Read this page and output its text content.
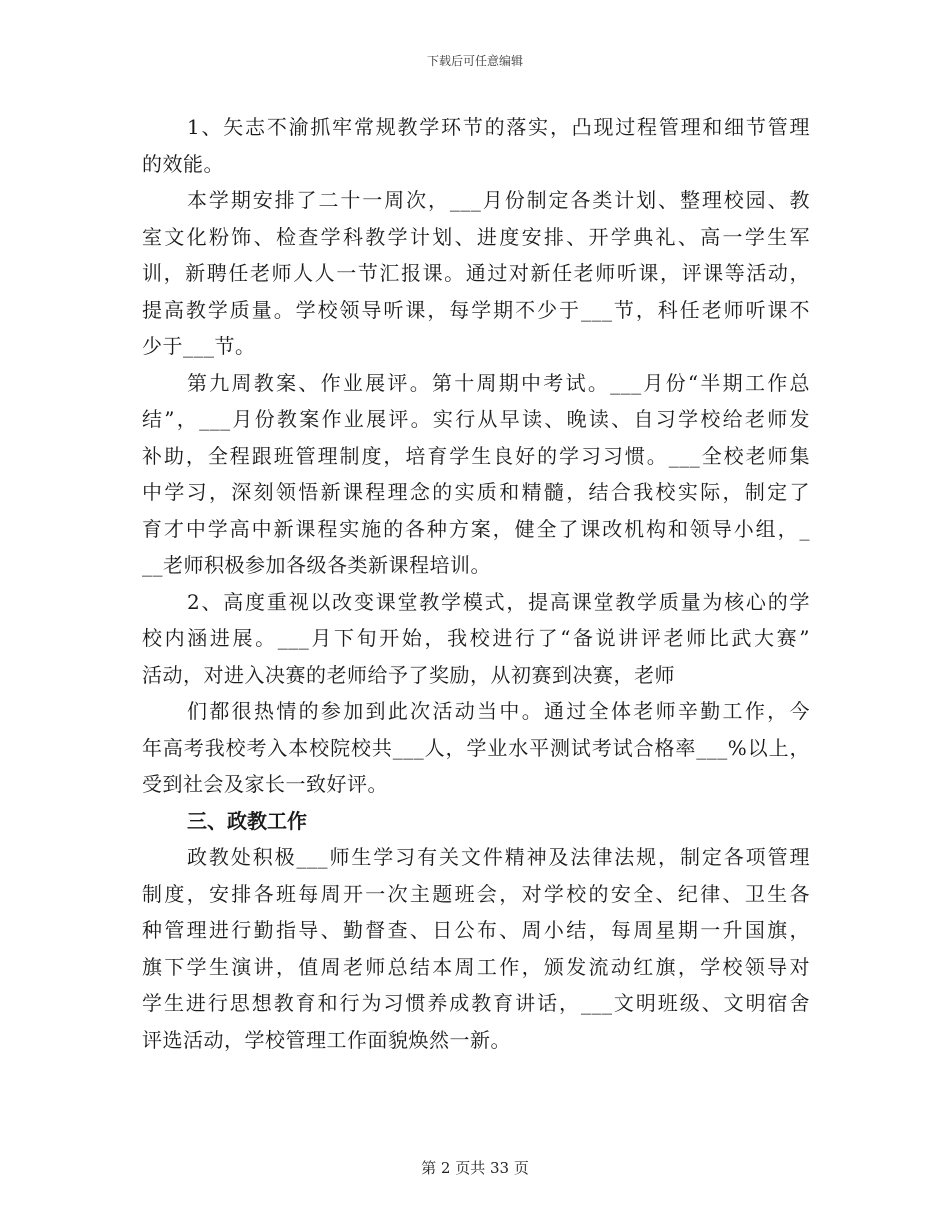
下载后可任意编辑
1、矢志不渝抓牢常规教学环节的落实，凸现过程管理和细节管理
的效能。
本学期安排了二十一周次，___月份制定各类计划、整理校园、教
室文化粉饰、检查学科教学计划、进度安排、开学典礼、高一学生军
训，新聘任老师人人一节汇报课。通过对新任老师听课，评课等活动，
提高教学质量。学校领导听课，每学期不少于___节，科任老师听课不
少于___节。
第九周教案、作业展评。第十周期中考试。___月份“半期工作总
结”，___月份教案作业展评。实行从早读、晚读、自习学校给老师发
补助，全程跟班管理制度，培育学生良好的学习习惯。___全校老师集
中学习，深刻领悟新课程理念的实质和精髓，结合我校实际，制定了
育才中学高中新课程实施的各种方案，健全了课改机构和领导小组，_
__老师积极参加各级各类新课程培训。
2、高度重视以改变课堂教学模式，提高课堂教学质量为核心的学
校内涵进展。___月下旬开始，我校进行了“备说讲评老师比武大赛”
活动，对进入决赛的老师给予了奖励，从初赛到决赛，老师
们都很热情的参加到此次活动当中。通过全体老师辛勤工作，今
年高考我校考入本校院校共___人，学业水平测试考试合格率___%以上，
受到社会及家长一致好评。
三、政教工作
政教处积极___师生学习有关文件精神及法律法规，制定各项管理
制度，安排各班每周开一次主题班会，对学校的安全、纪律、卫生各
种管理进行勤指导、勤督查、日公布、周小结，每周星期一升国旗，
旗下学生演讲，值周老师总结本周工作，颁发流动红旗，学校领导对
学生进行思想教育和行为习惯养成教育讲话，___文明班级、文明宿舍
评选活动，学校管理工作面貌焕然一新。
第 2 页共 33 页
